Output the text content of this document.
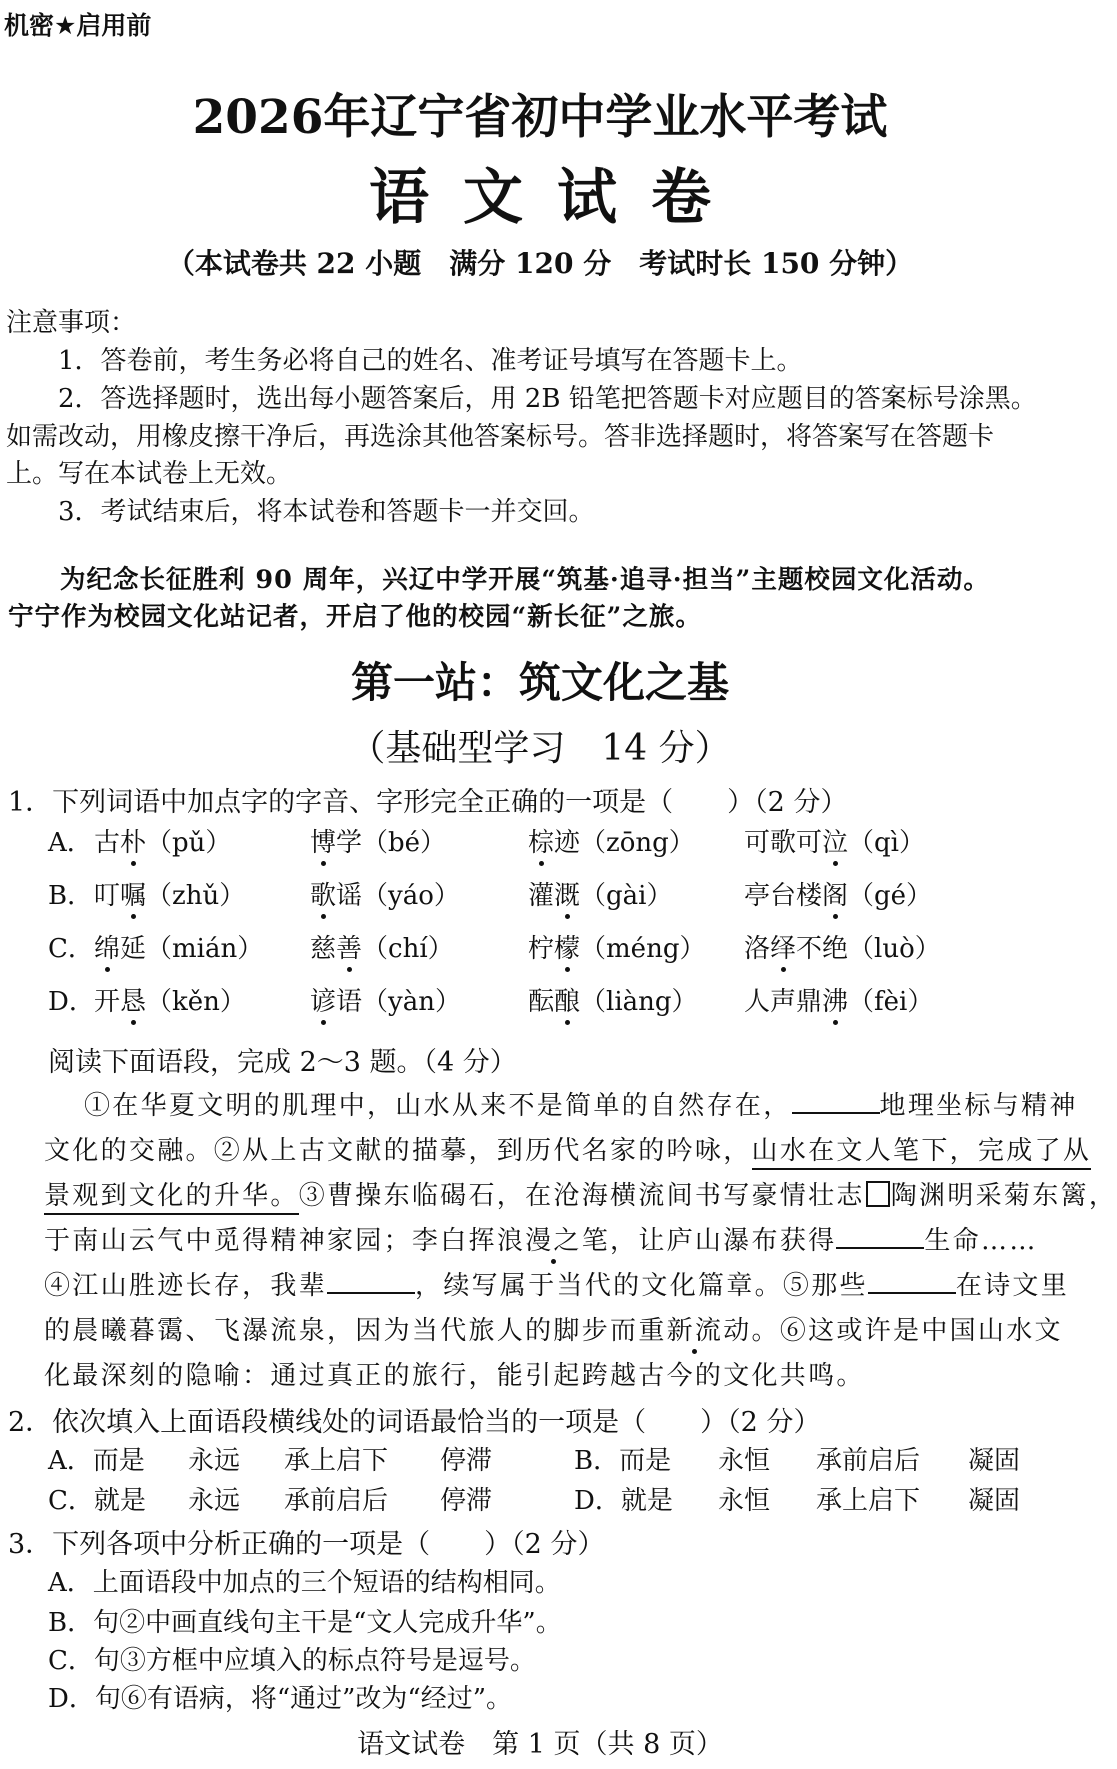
机密★启用前
2026年辽宁省初中学业水平考试
语文试卷
（本试卷共 22 小题　满分 120 分　考试时长 150 分钟）
注意事项：
1．答卷前，考生务必将自己的姓名、准考证号填写在答题卡上。
2．答选择题时，选出每小题答案后，用 2B 铅笔把答题卡对应题目的答案标号涂黑。
如需改动，用橡皮擦干净后，再选涂其他答案标号。答非选择题时，将答案写在答题卡
上。写在本试卷上无效。
3．考试结束后，将本试卷和答题卡一并交回。
为纪念长征胜利 90 周年，兴辽中学开展“筑基·追寻·担当”主题校园文化活动。
宁宁作为校园文化站记者，开启了他的校园“新长征”之旅。
第一站：筑文化之基
（基础型学习　14 分）
1．下列词语中加点字的字音、字形完全正确的一项是（　　）（2 分）
A． 古朴（pǔ）	博学（bé）	棕迹（zōng） 可歌可泣（qì）
B． 叮嘱（zhǔ） 歌谣（yáo）	灌溉（gài）	亭台楼阁（gé）
C． 绵延（mián） 慈善（chí）	柠檬（méng） 洛绎不绝（luò）
D． 开恳（kěn） 谚语（yàn）	酝酿（liàng） 人声鼎沸（fèi）
阅读下面语段，完成 2～3 题。（4 分）
①在华夏文明的肌理中，山水从来不是简单的自然存在，	地理坐标与精神
文化的交融。②从上古文献的描摹，到历代名家的吟咏，山水在文人笔下，完成了从
景观到文化的升华。③曹操东临碣石，在沧海横流间书写豪情壮志 陶渊明采菊东篱，
于南山云气中觅得精神家园；李白挥浪漫之笔，让庐山瀑布获得	生命……
④江山胜迹长存，我辈	，续写属于当代的文化篇章。⑤那些	在诗文里
的晨曦暮霭、飞瀑流泉，因为当代旅人的脚步而重新流动。⑥这或许是中国山水文
化最深刻的隐喻：通过真正的旅行，能引起跨越古今的文化共鸣。
2．依次填入上面语段横线处的词语最恰当的一项是（　　）（2 分）
A．而是 永远 承上启下 停滞	B．而是 永恒 承前启后 凝固
C．就是 永远 承前启后 停滞	D．就是 永恒 承上启下 凝固
3．下列各项中分析正确的一项是（　　）（2 分）
A．上面语段中加点的三个短语的结构相同。
B．句②中画直线句主干是“文人完成升华”。
C．句③方框中应填入的标点符号是逗号。
D．句⑥有语病，将“通过”改为“经过”。
语文试卷　第 1 页（共 8 页）
